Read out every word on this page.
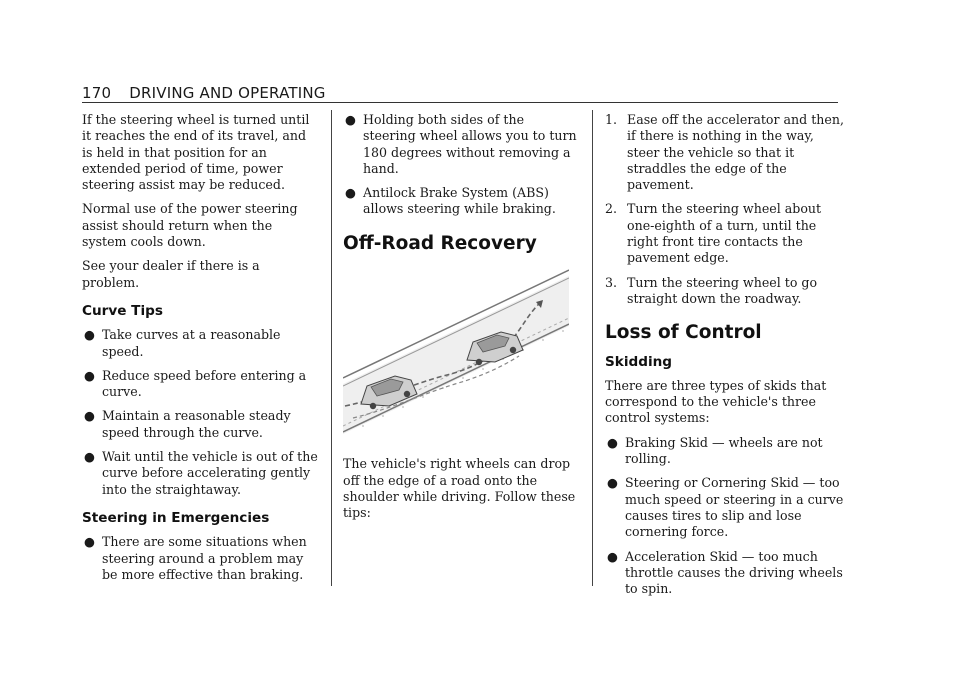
170 DRIVING AND OPERATING

If the steering wheel is turned until it reaches the end of its travel, and is held in that position for an extended period of time, power steering assist may be reduced.

Normal use of the power steering assist should return when the system cools down.

See your dealer if there is a problem.

Curve Tips
● Take curves at a reasonable speed.
● Reduce speed before entering a curve.
● Maintain a reasonable steady speed through the curve.
● Wait until the vehicle is out of the curve before accelerating gently into the straightaway.
Steering in Emergencies
● There are some situations when steering around a problem may be more effective than braking.
● Holding both sides of the steering wheel allows you to turn 180 degrees without removing a hand.
● Antilock Brake System (ABS) allows steering while braking.
Off-Road Recovery

The vehicle's right wheels can drop off the edge of a road onto the shoulder while driving. Follow these tips:

1. Ease off the accelerator and then, if there is nothing in the way, steer the vehicle so that it straddles the edge of the pavement.
2. Turn the steering wheel about one-eighth of a turn, until the right front tire contacts the pavement edge.
3. Turn the steering wheel to go straight down the roadway.
Loss of Control
Skidding

There are three types of skids that correspond to the vehicle's three control systems:

● Braking Skid — wheels are not rolling.
● Steering or Cornering Skid — too much speed or steering in a curve causes tires to slip and lose cornering force.
● Acceleration Skid — too much throttle causes the driving wheels to spin.
